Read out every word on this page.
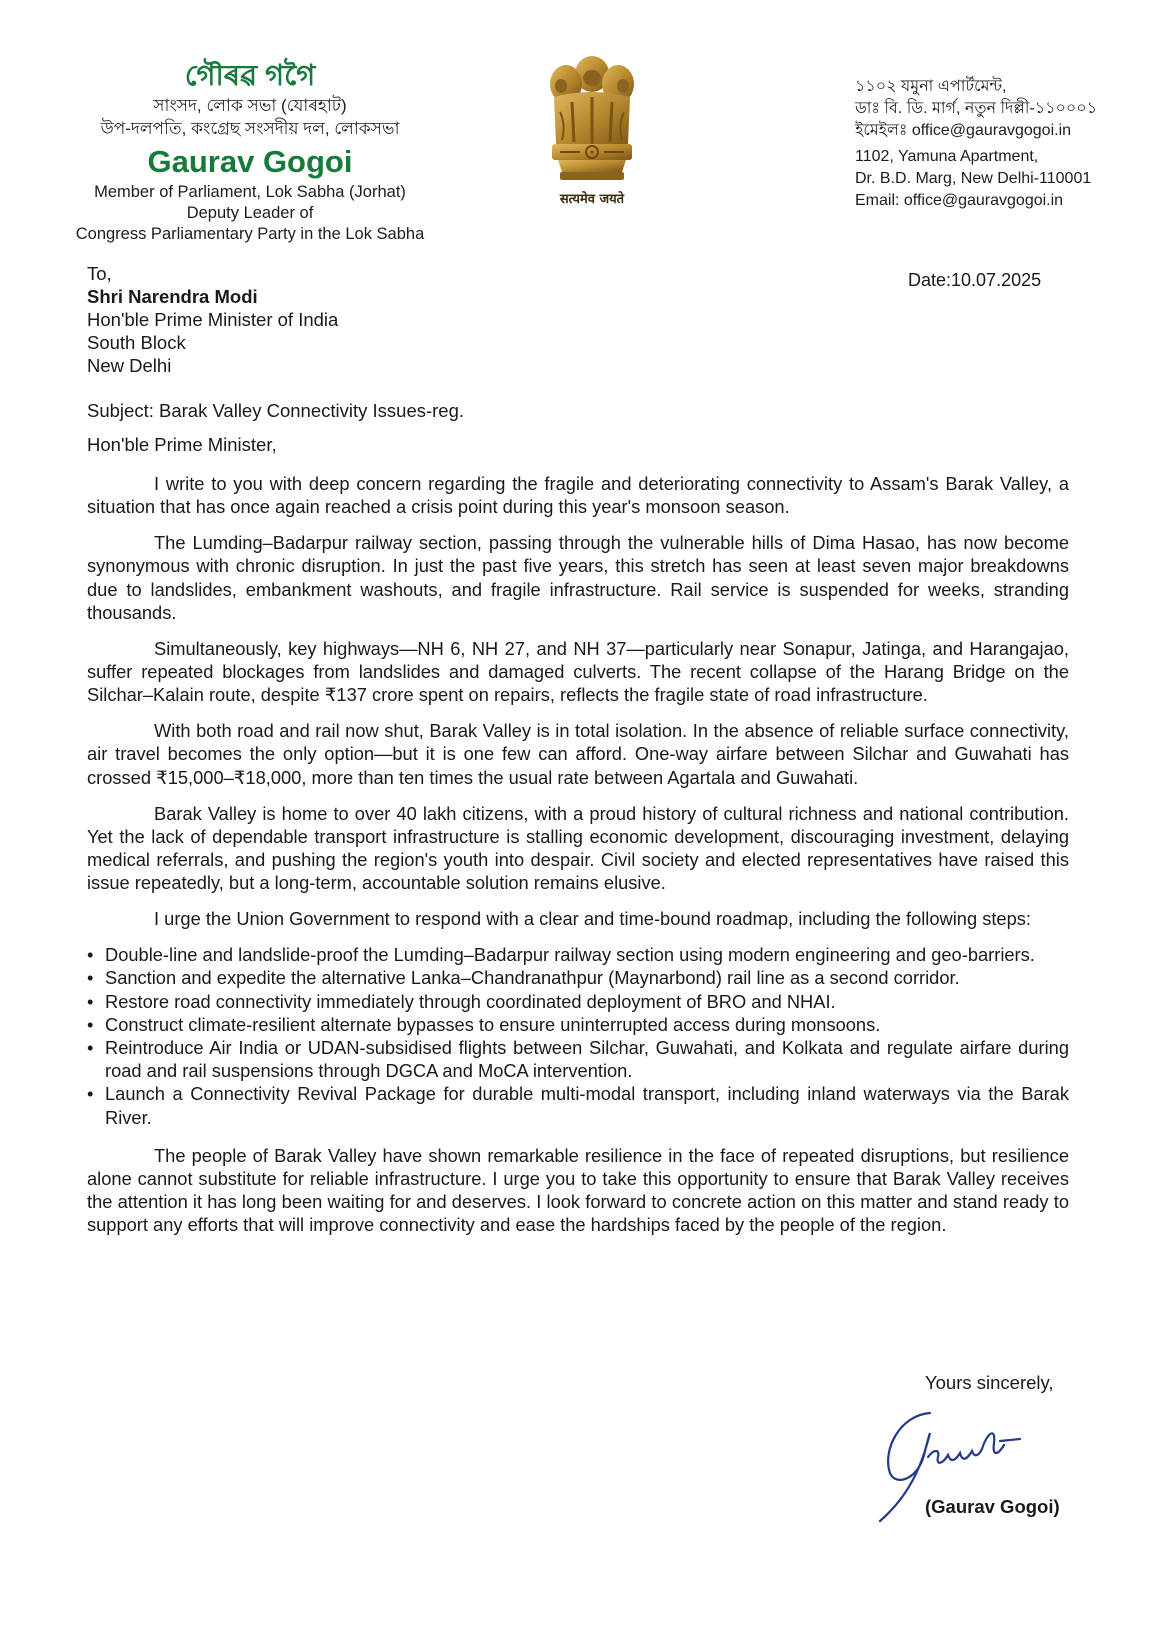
গৌৰৱ গগৈ
সাংসদ, লোক সভা (যোৰহাট)
উপ-দলপতি, কংগ্ৰেছ সংসদীয় দল, লোকসভা
Gaurav Gogoi
Member of Parliament, Lok Sabha (Jorhat)
Deputy Leader of
Congress Parliamentary Party in the Lok Sabha
सत्यमेव जयते
১১০২ যমুনা এপাৰ্টমেন্ট,
ডাঃ বি. ডি. মাৰ্গ, নতুন দিল্লী-১১০০০১
ইমেইলঃ office@gauravgogoi.in
1102, Yamuna Apartment,
Dr. B.D. Marg, New Delhi-110001
Email: office@gauravgogoi.in
Date:10.07.2025
To,
Shri Narendra Modi
Hon'ble Prime Minister of India
South Block
New Delhi
Subject: Barak Valley Connectivity Issues-reg.
Hon'ble Prime Minister,

I write to you with deep concern regarding the fragile and deteriorating connectivity to Assam's Barak Valley, a situation that has once again reached a crisis point during this year's monsoon season.

The Lumding–Badarpur railway section, passing through the vulnerable hills of Dima Hasao, has now become synonymous with chronic disruption. In just the past five years, this stretch has seen at least seven major breakdowns due to landslides, embankment washouts, and fragile infrastructure. Rail service is suspended for weeks, stranding thousands.

Simultaneously, key highways—NH 6, NH 27, and NH 37—particularly near Sonapur, Jatinga, and Harangajao, suffer repeated blockages from landslides and damaged culverts. The recent collapse of the Harang Bridge on the Silchar–Kalain route, despite ₹137 crore spent on repairs, reflects the fragile state of road infrastructure.

With both road and rail now shut, Barak Valley is in total isolation. In the absence of reliable surface connectivity, air travel becomes the only option—but it is one few can afford. One-way airfare between Silchar and Guwahati has crossed ₹15,000–₹18,000, more than ten times the usual rate between Agartala and Guwahati.

Barak Valley is home to over 40 lakh citizens, with a proud history of cultural richness and national contribution. Yet the lack of dependable transport infrastructure is stalling economic development, discouraging investment, delaying medical referrals, and pushing the region's youth into despair. Civil society and elected representatives have raised this issue repeatedly, but a long-term, accountable solution remains elusive.

I urge the Union Government to respond with a clear and time-bound roadmap, including the following steps:

• Double-line and landslide-proof the Lumding–Badarpur railway section using modern engineering and geo-barriers.
• Sanction and expedite the alternative Lanka–Chandranathpur (Maynarbond) rail line as a second corridor.
• Restore road connectivity immediately through coordinated deployment of BRO and NHAI.
• Construct climate-resilient alternate bypasses to ensure uninterrupted access during monsoons.
• Reintroduce Air India or UDAN-subsidised flights between Silchar, Guwahati, and Kolkata and regulate airfare during road and rail suspensions through DGCA and MoCA intervention.
• Launch a Connectivity Revival Package for durable multi-modal transport, including inland waterways via the Barak River.

The people of Barak Valley have shown remarkable resilience in the face of repeated disruptions, but resilience alone cannot substitute for reliable infrastructure. I urge you to take this opportunity to ensure that Barak Valley receives the attention it has long been waiting for and deserves. I look forward to concrete action on this matter and stand ready to support any efforts that will improve connectivity and ease the hardships faced by the people of the region.

Yours sincerely,
(Gaurav Gogoi)
